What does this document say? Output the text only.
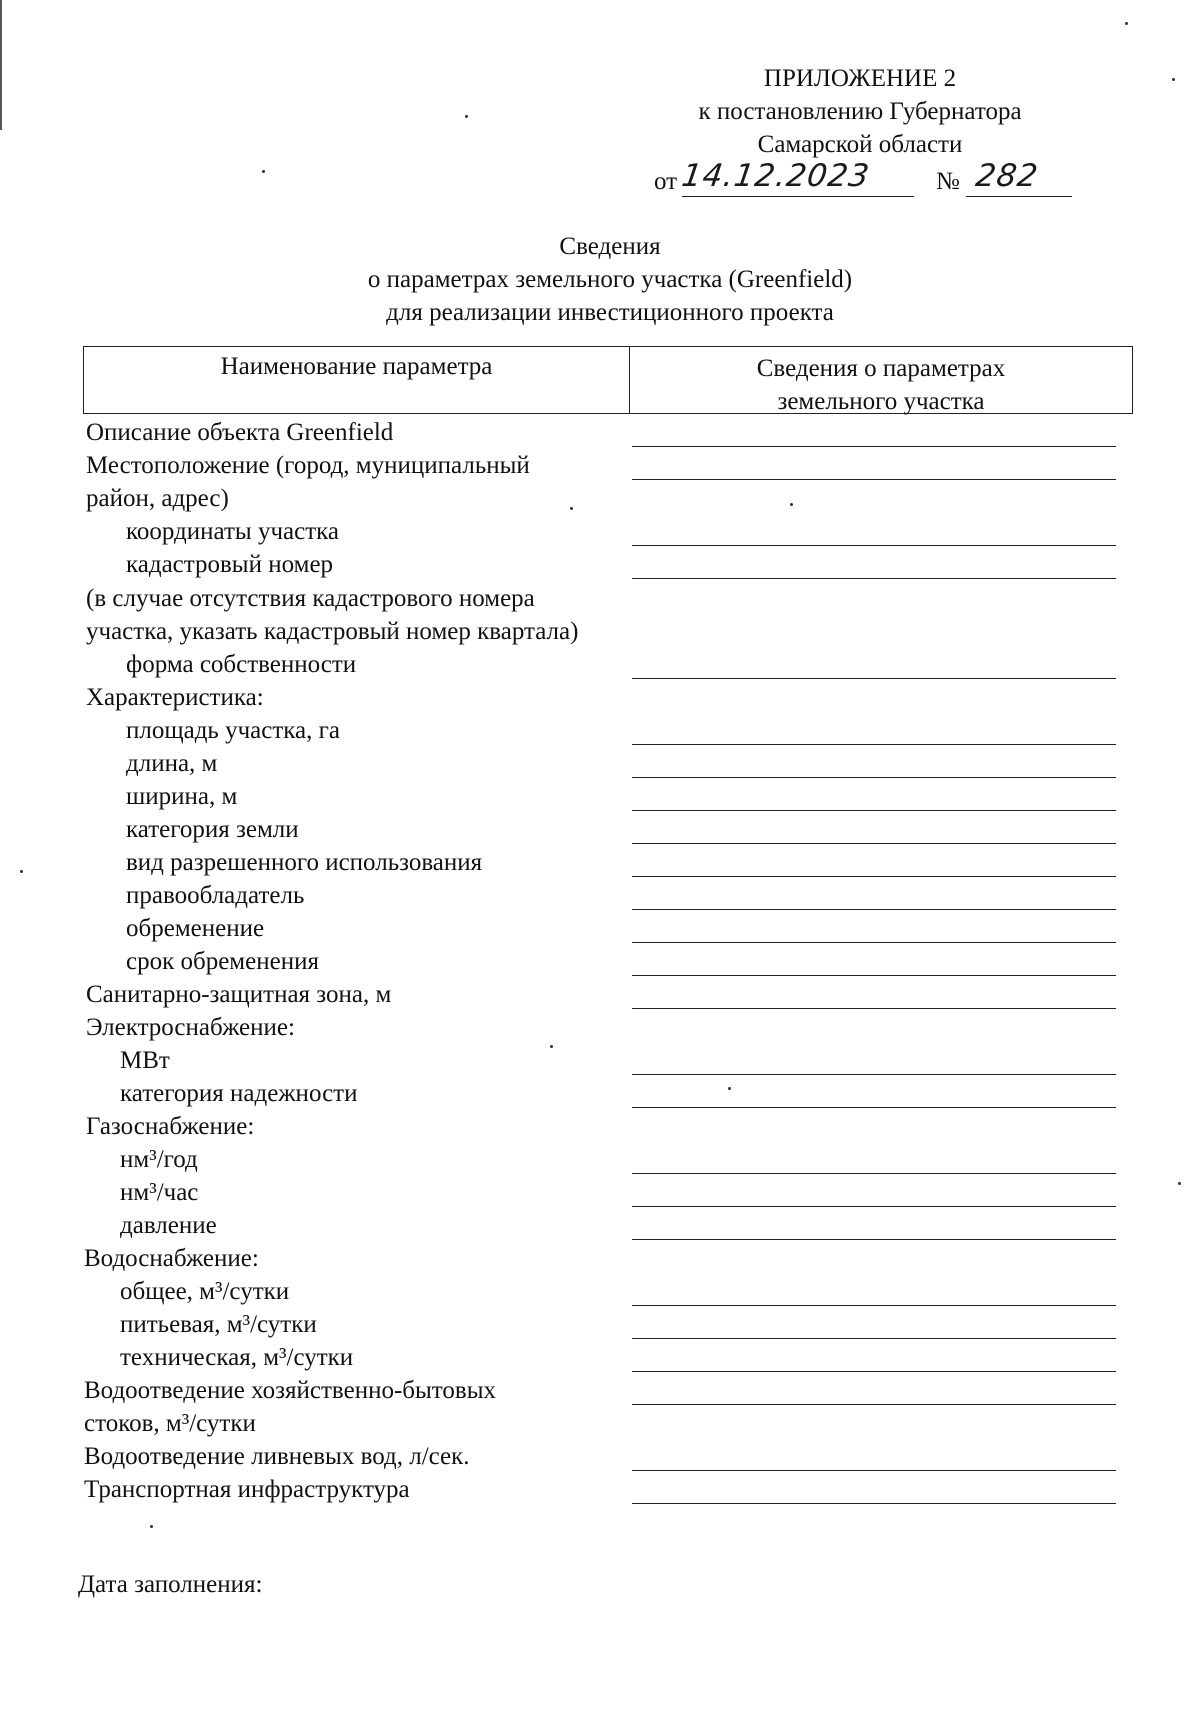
ПРИЛОЖЕНИЕ 2
к постановлению Губернатора
Самарской области
от 14.12.2023	№ 282
Сведения
о параметрах земельного участка (Greenfield)
для реализации инвестиционного проекта
Наименование параметра	Сведения о параметрах
земельного участка
Описание объекта Greenfield
Местоположение (город, муниципальный
район, адрес)
координаты участка
кадастровый номер
(в случае отсутствия кадастрового номера
участка, указать кадастровый номер квартала)
форма собственности
Характеристика:
площадь участка, га
длина, м
ширина, м
категория земли
вид разрешенного использования
правообладатель
обременение
срок обременения
Санитарно-защитная зона, м
Электроснабжение:
МВт
категория надежности
Газоснабжение:
нм³/год
нм³/час
давление
Водоснабжение:
общее, м³/сутки
питьевая, м³/сутки
техническая, м³/сутки
Водоотведение хозяйственно-бытовых
стоков, м³/сутки
Водоотведение ливневых вод, л/сек.
Транспортная инфраструктура
Дата заполнения:
